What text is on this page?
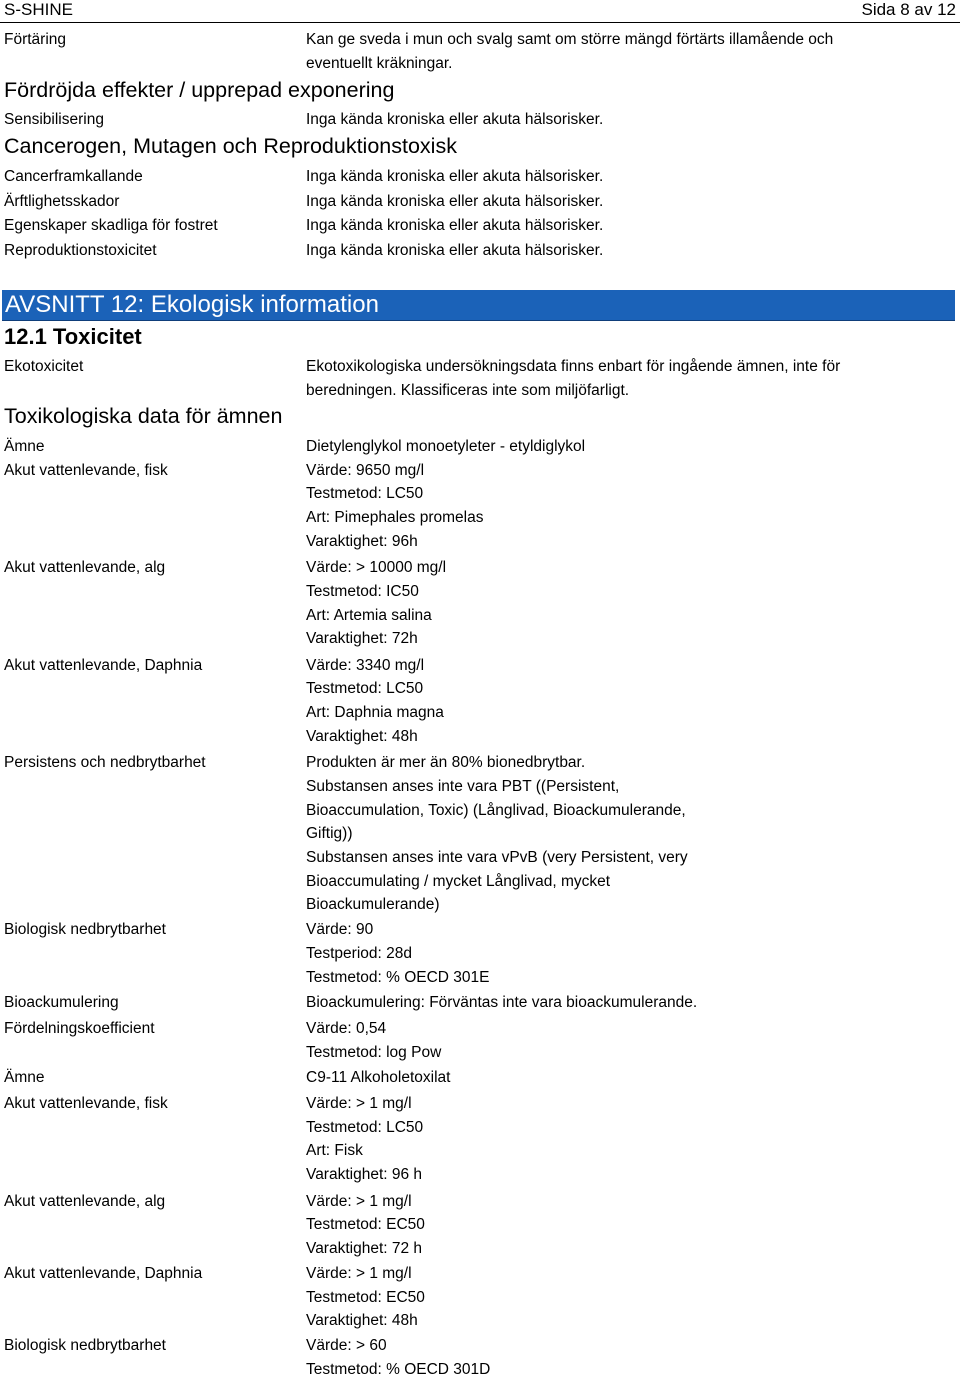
S-SHINE	Sida 8 av 12
Fördröjda effekter / upprepad exponering
Cancerogen, Mutagen och Reproduktionstoxisk
AVSNITT 12: Ekologisk information
12.1 Toxicitet
Toxikologiska data för ämnen
Förtäring	Kan ge sveda i mun och svalg samt om större mängd förtärts illamående och
eventuellt kräkningar.
Sensibilisering	Inga kända kroniska eller akuta hälsorisker.
Cancerframkallande	Inga kända kroniska eller akuta hälsorisker.
Ärftlighetsskador	Inga kända kroniska eller akuta hälsorisker.
Egenskaper skadliga för fostret	Inga kända kroniska eller akuta hälsorisker.
Reproduktionstoxicitet	Inga kända kroniska eller akuta hälsorisker.
Ekotoxicitet	Ekotoxikologiska undersökningsdata finns enbart för ingående ämnen, inte för
beredningen. Klassificeras inte som miljöfarligt.
Ämne	Dietylenglykol monoetyleter - etyldiglykol
Akut vattenlevande, fisk	Värde: 9650 mg/l
Testmetod: LC50
Art: Pimephales promelas
Varaktighet: 96h
Akut vattenlevande, alg	Värde: > 10000 mg/l
Testmetod: IC50
Art: Artemia salina
Varaktighet: 72h
Akut vattenlevande, Daphnia	Värde: 3340 mg/l
Testmetod: LC50
Art: Daphnia magna
Varaktighet: 48h
Persistens och nedbrytbarhet	Produkten är mer än 80% bionedbrytbar.
Substansen anses inte vara PBT ((Persistent,
Bioaccumulation, Toxic) (Långlivad, Bioackumulerande,
Giftig))
Substansen anses inte vara vPvB (very Persistent, very
Bioaccumulating / mycket Långlivad, mycket
Bioackumulerande)
Biologisk nedbrytbarhet	Värde: 90
Testperiod: 28d
Testmetod: % OECD 301E
Bioackumulering	Bioackumulering: Förväntas inte vara bioackumulerande.
Fördelningskoefficient	Värde: 0,54
Testmetod: log Pow
Ämne	C9-11 Alkoholetoxilat
Akut vattenlevande, fisk	Värde: > 1 mg/l
Testmetod: LC50
Art: Fisk
Varaktighet: 96 h
Akut vattenlevande, alg	Värde: > 1 mg/l
Testmetod: EC50
Varaktighet: 72 h
Akut vattenlevande, Daphnia	Värde: > 1 mg/l
Testmetod: EC50
Varaktighet: 48h
Biologisk nedbrytbarhet	Värde: > 60
Testmetod: % OECD 301D
